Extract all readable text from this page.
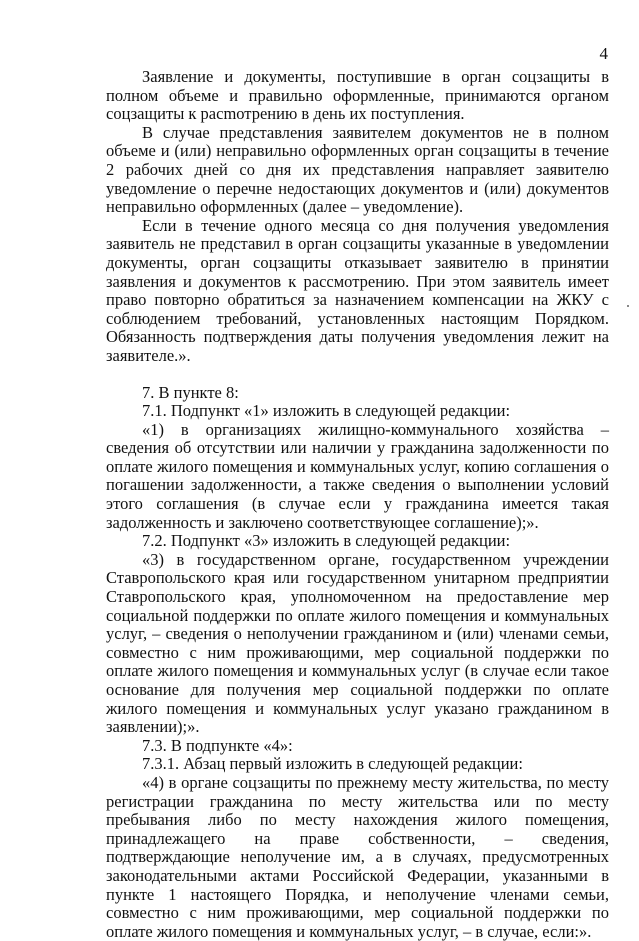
4

Заявление и документы, поступившие в орган соцзащиты в полном объеме и правильно оформленные, принимаются органом соцзащиты к расmотрению в день их поступления.

В случае представления заявителем документов не в полном объеме и (или) неправильно оформленных орган соцзащиты в течение 2 рабочих дней со дня их представления направляет заявителю уведомление о перечне недостающих документов и (или) документов неправильно оформленных (далее – уведомление).

Если в течение одного месяца со дня получения уведомления заявитель не представил в орган соцзащиты указанные в уведомлении документы, орган соцзащиты отказывает заявителю в принятии заявления и документов к рассмотрению. При этом заявитель имеет право повторно обратиться за назначением компенсации на ЖКУ с соблюдением требований, установленных настоящим Порядком. Обязанность подтверждения даты получения уведомления лежит на заявителе.».

7. В пункте 8:

7.1. Подпункт «1» изложить в следующей редакции:

«1) в организациях жилищно-коммунального хозяйства – сведения об отсутствии или наличии у гражданина задолженности по оплате жилого помещения и коммунальных услуг, копию соглашения о погашении задолженности, а также сведения о выполнении условий этого соглашения (в случае если у гражданина имеется такая задолженность и заключено соответствующее соглашение);».

7.2. Подпункт «3» изложить в следующей редакции:

«3) в государственном органе, государственном учреждении Ставропольского края или государственном унитарном предприятии Ставропольского края, уполномоченном на предоставление мер социальной поддержки по оплате жилого помещения и коммунальных услуг, – сведения о неполучении гражданином и (или) членами семьи, совместно с ним проживающими, мер социальной поддержки по оплате жилого помещения и коммунальных услуг (в случае если такое основание для получения мер социальной поддержки по оплате жилого помещения и коммунальных услуг указано гражданином в заявлении);».

7.3. В подпункте «4»:

7.3.1. Абзац первый изложить в следующей редакции:

«4) в органе соцзащиты по прежнему месту жительства, по месту регистрации гражданина по месту жительства или по месту пребывания либо по месту нахождения жилого помещения, принадлежащего на праве собственности, – сведения, подтверждающие неполучение им, а в случаях, предусмотренных законодательными актами Российской Федерации, указанными в пункте 1 настоящего Порядка, и неполучение членами семьи, совместно с ним проживающими, мер социальной поддержки по оплате жилого помещения и коммунальных услуг, – в случае, если:».
